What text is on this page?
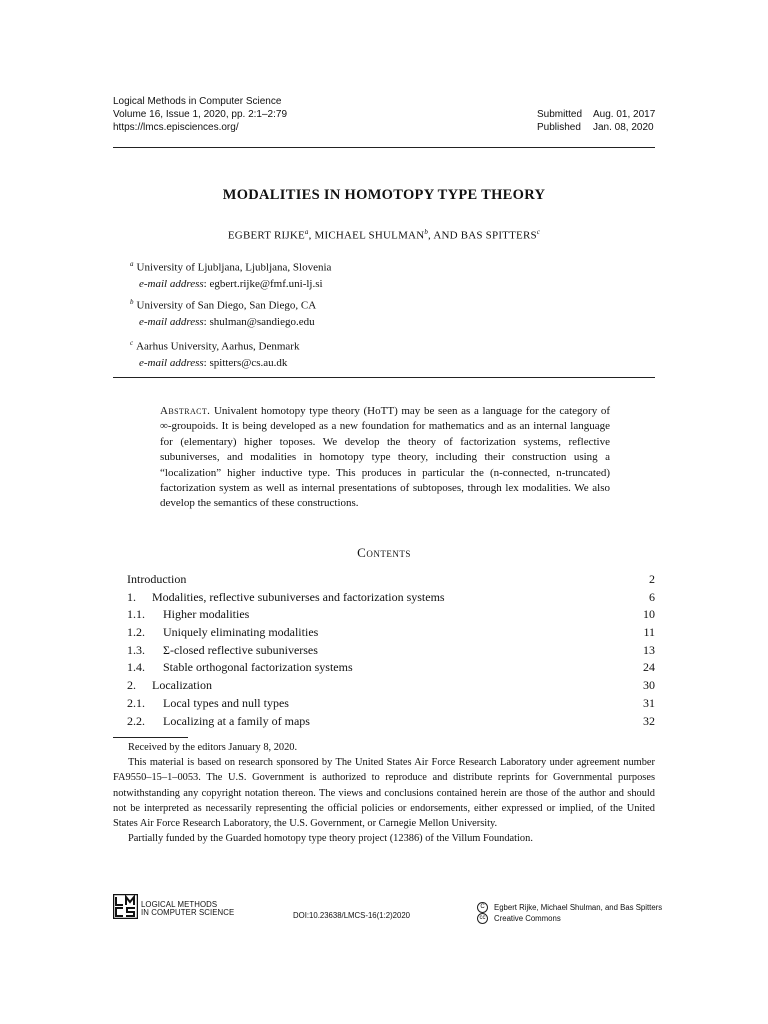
Logical Methods in Computer Science
Volume 16, Issue 1, 2020, pp. 2:1–2:79
https://lmcs.episciences.org/
Submitted	Aug. 01, 2017
Published	Jan. 08, 2020
MODALITIES IN HOMOTOPY TYPE THEORY
EGBERT RIJKE$^a$, MICHAEL SHULMAN$^b$, AND BAS SPITTERS$^c$
$^a$ University of Ljubljana, Ljubljana, Slovenia
e-mail address: egbert.rijke@fmf.uni-lj.si
$^b$ University of San Diego, San Diego, CA
e-mail address: shulman@sandiego.edu
$^c$ Aarhus University, Aarhus, Denmark
e-mail address: spitters@cs.au.dk
Abstract. Univalent homotopy type theory (HoTT) may be seen as a language for the category of ∞-groupoids. It is being developed as a new foundation for mathematics and as an internal language for (elementary) higher toposes. We develop the theory of factorization systems, reflective subuniverses, and modalities in homotopy type theory, including their construction using a “localization” higher inductive type. This produces in particular the (n-connected, n-truncated) factorization system as well as internal presentations of subtoposes, through lex modalities. We also develop the semantics of these constructions.
Contents
Introduction	2
1.	Modalities, reflective subuniverses and factorization systems	6
1.1.	Higher modalities	10
1.2.	Uniquely eliminating modalities	11
1.3.	Σ-closed reflective subuniverses	13
1.4.	Stable orthogonal factorization systems	24
2.	Localization	30
2.1.	Local types and null types	31
2.2.	Localizing at a family of maps	32

Received by the editors January 8, 2020.

This material is based on research sponsored by The United States Air Force Research Laboratory under agreement number FA9550–15–1–0053. The U.S. Government is authorized to reproduce and distribute reprints for Governmental purposes notwithstanding any copyright notation thereon. The views and conclusions contained herein are those of the author and should not be interpreted as necessarily representing the official policies or endorsements, either expressed or implied, of the United States Air Force Research Laboratory, the U.S. Government, or Carnegie Mellon University.

Partially funded by the Guarded homotopy type theory project (12386) of the Villum Foundation.

LOGICAL METHODS
IN COMPUTER SCIENCE	DOI:10.23638/LMCS-16(1:2)2020
C	Egbert Rijke, Michael Shulman, and Bas Spitters
cc	Creative Commons
